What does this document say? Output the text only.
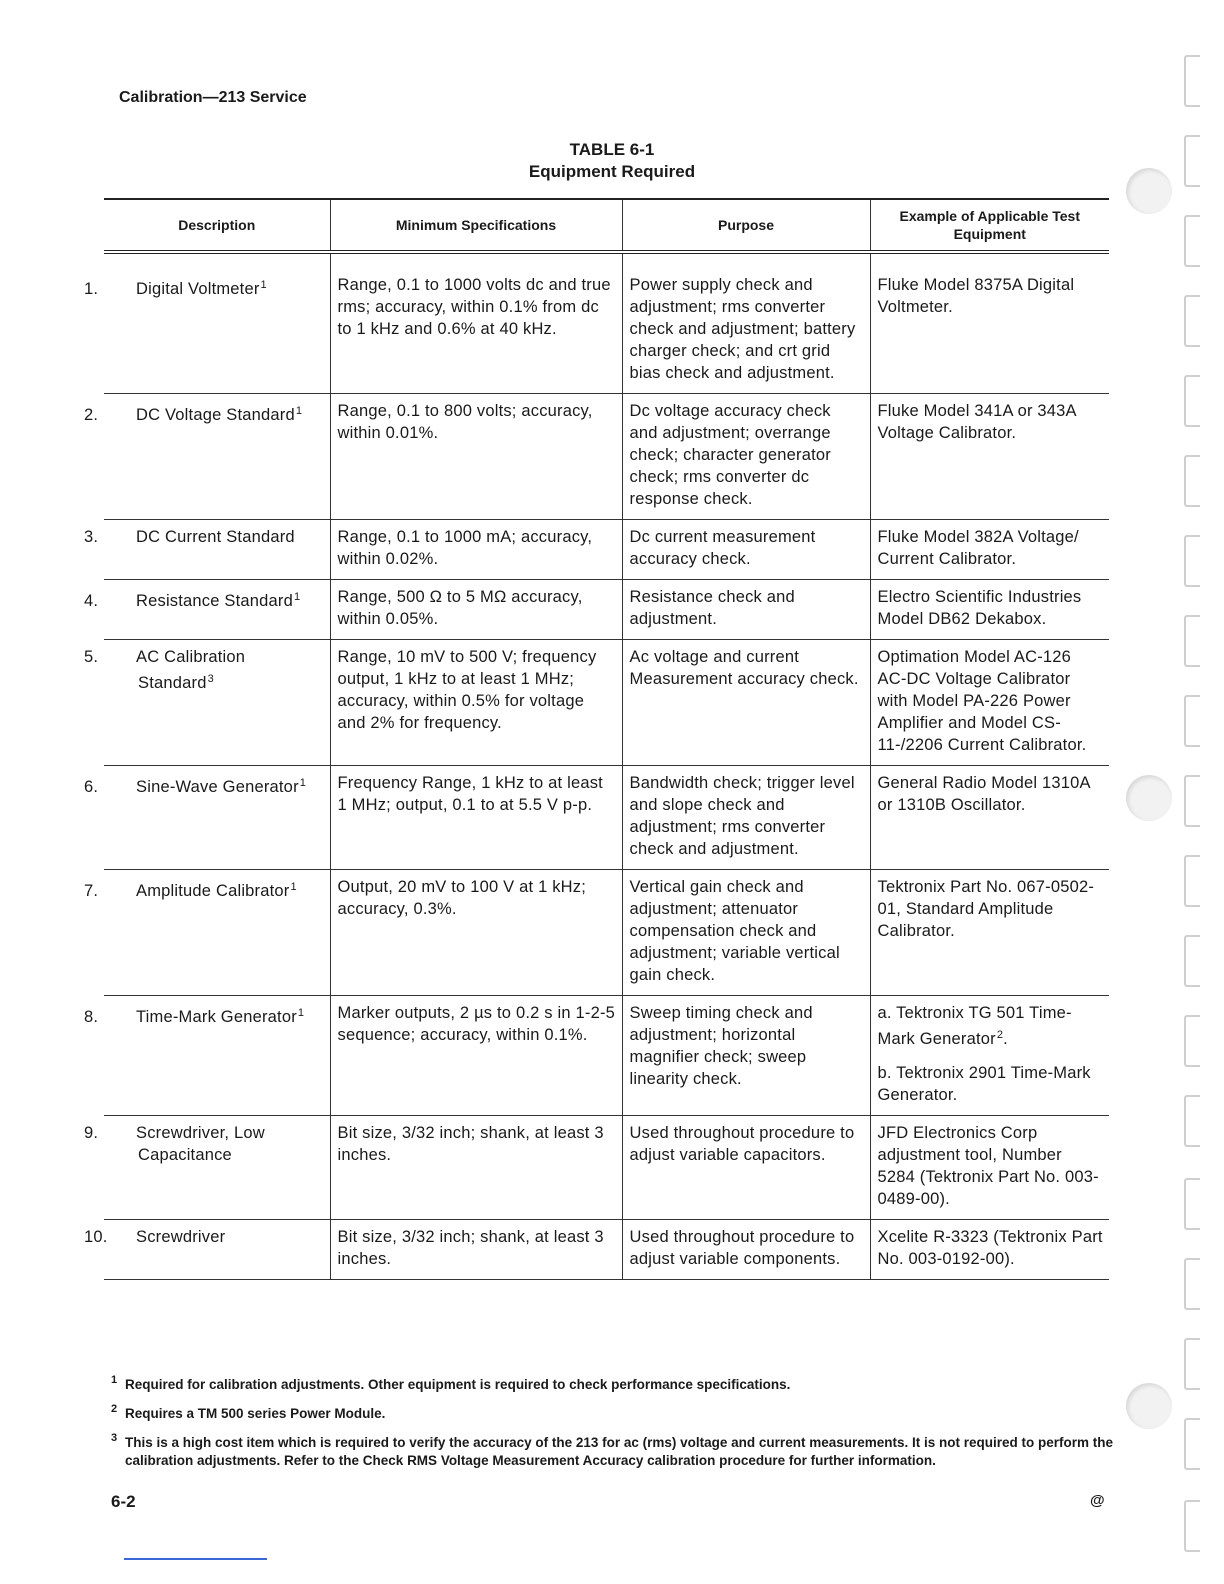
Calibration—213 Service
TABLE 6-1
Equipment Required
Description	Minimum Specifications	Purpose	Example of Applicable Test Equipment

1. Digital Voltmeter$^1$	Range, 0.1 to 1000 volts dc and true rms; accuracy, within 0.1% from dc to 1 kHz and 0.6% at 40 kHz.	Power supply check and adjustment; rms converter check and adjustment; battery charger check; and crt grid bias check and adjustment.	Fluke Model 8375A Digital Voltmeter.

2. DC Voltage Standard$^1$	Range, 0.1 to 800 volts; accuracy, within 0.01%.	Dc voltage accuracy check and adjustment; overrange check; character generator check; rms converter dc response check.	Fluke Model 341A or 343A Voltage Calibrator.

3. DC Current Standard	Range, 0.1 to 1000 mA; accuracy, within 0.02%.	Dc current measurement accuracy check.	Fluke Model 382A Voltage/ Current Calibrator.

4. Resistance Standard$^1$	Range, 500 Ω to 5 MΩ accuracy, within 0.05%.	Resistance check and adjustment.	Electro Scientific Industries Model DB62 Dekabox.

5. AC Calibration Standard$^3$	Range, 10 mV to 500 V; frequency output, 1 kHz to at least 1 MHz; accuracy, within 0.5% for voltage and 2% for frequency.	Ac voltage and current Measurement accuracy check.	Optimation Model AC-126 AC-DC Voltage Calibrator with Model PA-226 Power Amplifier and Model CS-11-/2206 Current Calibrator.

6. Sine-Wave Generator$^1$	Frequency Range, 1 kHz to at least 1 MHz; output, 0.1 to at 5.5 V p-p.	Bandwidth check; trigger level and slope check and adjustment; rms converter check and adjustment.	General Radio Model 1310A or 1310B Oscillator.

7. Amplitude Calibrator$^1$	Output, 20 mV to 100 V at 1 kHz; accuracy, 0.3%.	Vertical gain check and adjustment; attenuator compensation check and adjustment; variable vertical gain check.	Tektronix Part No. 067-0502-01, Standard Amplitude Calibrator.

8. Time-Mark Generator$^1$	Marker outputs, 2 µs to 0.2 s in 1-2-5 sequence; accuracy, within 0.1%.	Sweep timing check and adjustment; horizontal magnifier check; sweep linearity check.	a. Tektronix TG 501 Time-Mark Generator$^2$.
b. Tektronix 2901 Time-Mark Generator.

9. Screwdriver, Low Capacitance	Bit size, 3/32 inch; shank, at least 3 inches.	Used throughout procedure to adjust variable capacitors.	JFD Electronics Corp adjustment tool, Number 5284 (Tektronix Part No. 003-0489-00).

10. Screwdriver	Bit size, 3/32 inch; shank, at least 3 inches.	Used throughout procedure to adjust variable components.	Xcelite R-3323 (Tektronix Part No. 003-0192-00).
1 Required for calibration adjustments. Other equipment is required to check performance specifications.
2 Requires a TM 500 series Power Module.
3 This is a high cost item which is required to verify the accuracy of the 213 for ac (rms) voltage and current measurements. It is not required to perform the calibration adjustments. Refer to the Check RMS Voltage Measurement Accuracy calibration procedure for further information.
6-2	@
